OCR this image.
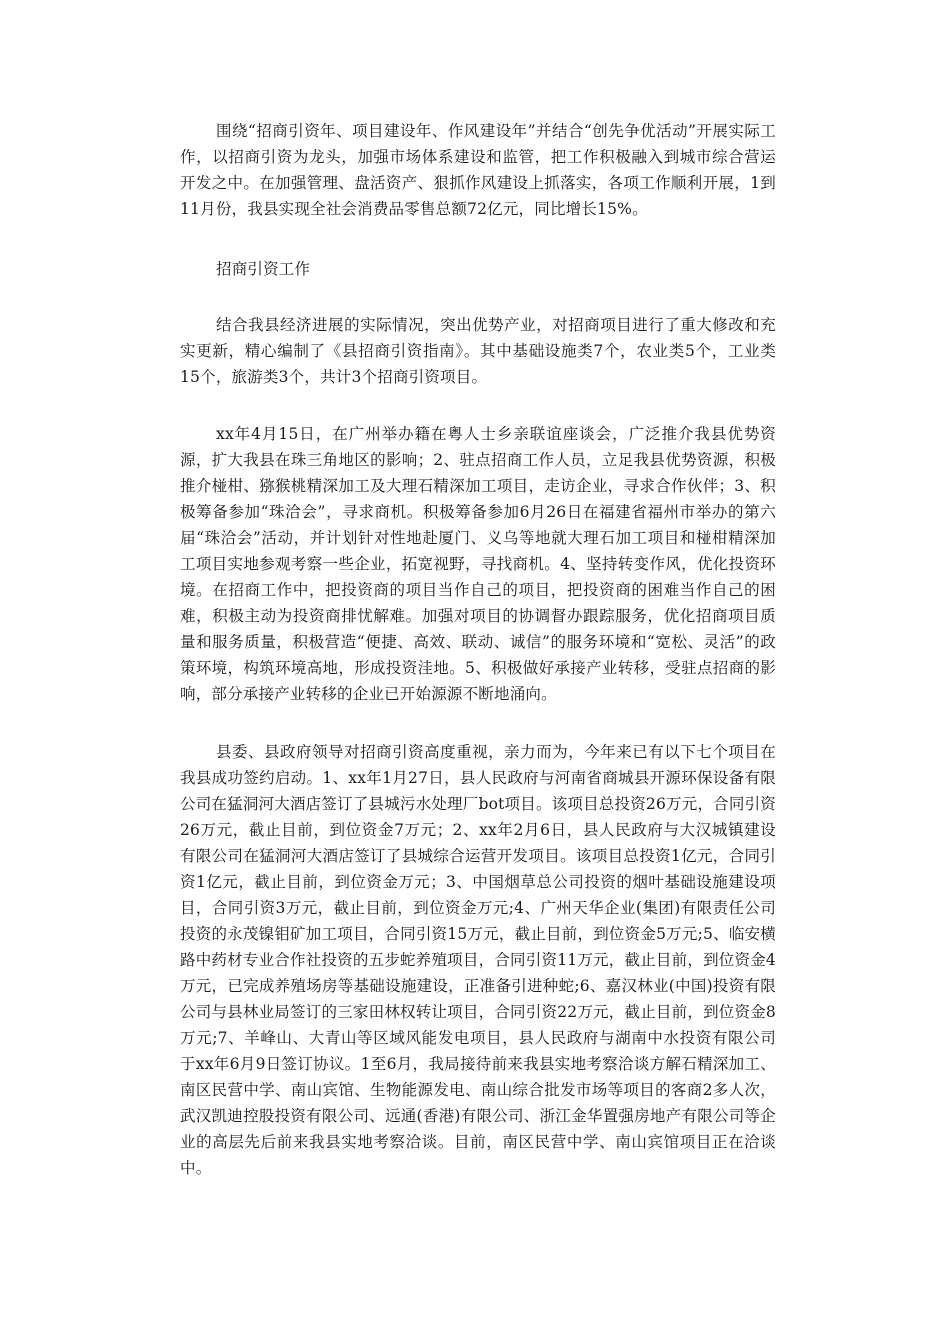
围绕“招商引资年、项目建设年、作风建设年”并结合“创先争优活动”开展实际工作，以招商引资为龙头，加强市场体系建设和监管，把工作积极融入到城市综合营运开发之中。在加强管理、盘活资产、狠抓作风建设上抓落实，各项工作顺利开展，1到11月份，我县实现全社会消费品零售总额72亿元，同比增长15%。

招商引资工作

结合我县经济进展的实际情况，突出优势产业，对招商项目进行了重大修改和充实更新，精心编制了《县招商引资指南》。其中基础设施类7个，农业类5个，工业类15个，旅游类3个，共计3个招商引资项目。

xx年4月15日，在广州举办籍在粤人士乡亲联谊座谈会，广泛推介我县优势资源，扩大我县在珠三角地区的影响；2、驻点招商工作人员，立足我县优势资源，积极推介椪柑、猕猴桃精深加工及大理石精深加工项目，走访企业，寻求合作伙伴；3、积极筹备参加“珠洽会”，寻求商机。积极筹备参加6月26日在福建省福州市举办的第六届“珠洽会”活动，并计划针对性地赴厦门、义乌等地就大理石加工项目和椪柑精深加工项目实地参观考察一些企业，拓宽视野，寻找商机。4、坚持转变作风，优化投资环境。在招商工作中，把投资商的项目当作自己的项目，把投资商的困难当作自己的困难，积极主动为投资商排忧解难。加强对项目的协调督办跟踪服务，优化招商项目质量和服务质量，积极营造“便捷、高效、联动、诚信”的服务环境和“宽松、灵活”的政策环境，构筑环境高地，形成投资洼地。5、积极做好承接产业转移，受驻点招商的影响，部分承接产业转移的企业已开始源源不断地涌向。

县委、县政府领导对招商引资高度重视，亲力而为，今年来已有以下七个项目在我县成功签约启动。1、xx年1月27日，县人民政府与河南省商城县开源环保设备有限公司在猛洞河大酒店签订了县城污水处理厂bot项目。该项目总投资26万元，合同引资26万元，截止目前，到位资金7万元；2、xx年2月6日，县人民政府与大汉城镇建设有限公司在猛洞河大酒店签订了县城综合运营开发项目。该项目总投资1亿元，合同引资1亿元，截止目前，到位资金万元；3、中国烟草总公司投资的烟叶基础设施建设项目，合同引资3万元，截止目前，到位资金万元;4、广州天华企业(集团)有限责任公司投资的永茂镍钼矿加工项目，合同引资15万元，截止目前，到位资金5万元;5、临安横路中药材专业合作社投资的五步蛇养殖项目，合同引资11万元，截止目前，到位资金4万元，已完成养殖场房等基础设施建设，正准备引进种蛇;6、嘉汉林业(中国)投资有限公司与县林业局签订的三家田林权转让项目，合同引资22万元，截止目前，到位资金8万元;7、羊峰山、大青山等区域风能发电项目，县人民政府与湖南中水投资有限公司于xx年6月9日签订协议。1至6月，我局接待前来我县实地考察洽谈方解石精深加工、南区民营中学、南山宾馆、生物能源发电、南山综合批发市场等项目的客商2多人次，武汉凯迪控股投资有限公司、远通(香港)有限公司、浙江金华置强房地产有限公司等企业的高层先后前来我县实地考察洽谈。目前，南区民营中学、南山宾馆项目正在洽谈中。
